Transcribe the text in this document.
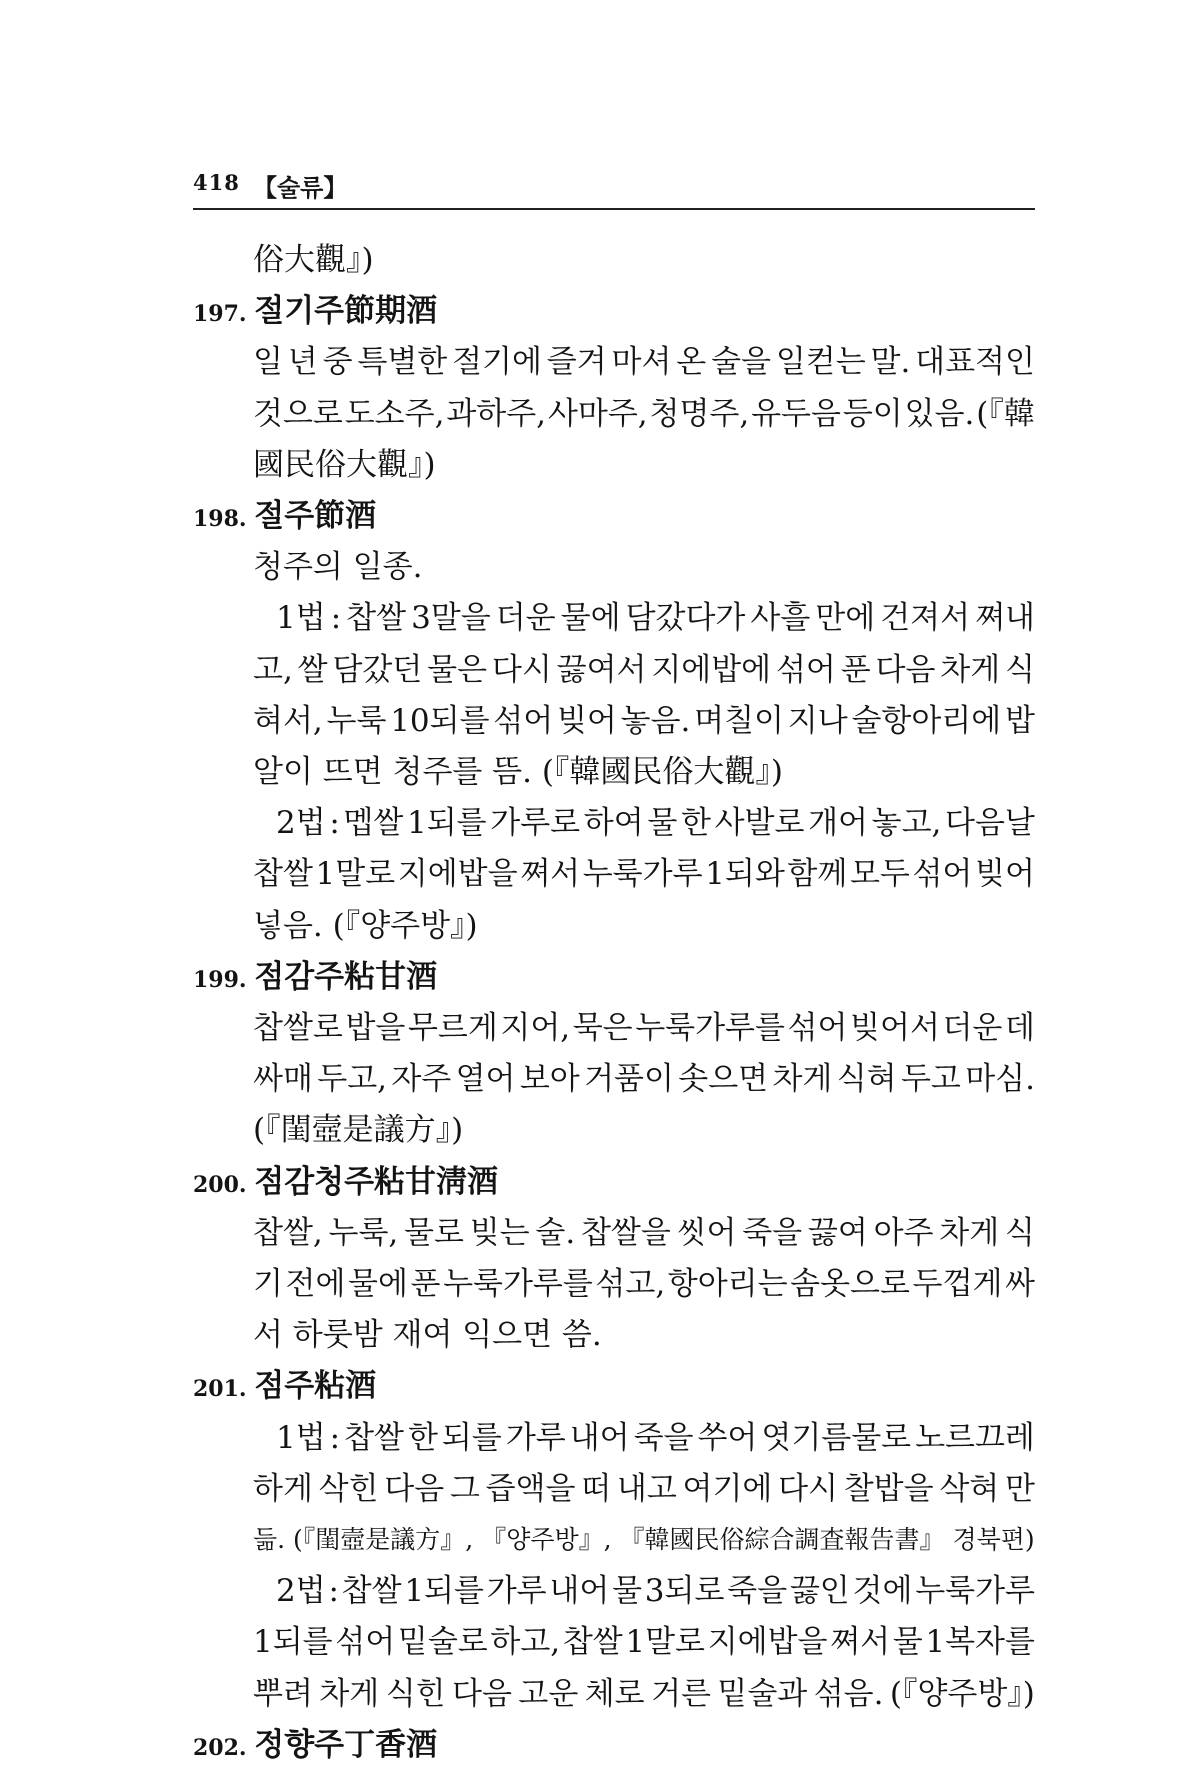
418 【술류】
俗大觀』)
197. 절기주節期酒
일 년 중 특별한 절기에 즐겨 마셔 온 술을 일컫는 말. 대표적인
것으로 도소주, 과하주, 사마주, 청명주, 유두음 등이 있음. (『韓
國民俗大觀』)
198. 절주節酒
청주의 일종.
1법 : 찹쌀 3말을 더운 물에 담갔다가 사흘 만에 건져서 쪄내
고, 쌀 담갔던 물은 다시 끓여서 지에밥에 섞어 푼 다음 차게 식
혀서, 누룩 10되를 섞어 빚어 놓음. 며칠이 지나 술항아리에 밥
알이 뜨면 청주를 뜸. (『韓國民俗大觀』)
2법 : 멥쌀 1되를 가루로 하여 물 한 사발로 개어 놓고, 다음날
찹쌀 1말로 지에밥을 쪄서 누룩가루 1되와 함께 모두 섞어 빚어
넣음. (『양주방』)
199. 점감주粘甘酒
찹쌀로 밥을 무르게 지어, 묵은 누룩가루를 섞어 빚어서 더운 데
싸매 두고, 자주 열어 보아 거품이 솟으면 차게 식혀 두고 마심.
(『閨壼是議方』)
200. 점감청주粘甘淸酒
찹쌀, 누룩, 물로 빚는 술. 찹쌀을 씻어 죽을 끓여 아주 차게 식
기 전에 물에 푼 누룩가루를 섞고, 항아리는 솜옷으로 두껍게 싸
서 하룻밤 재여 익으면 씀.
201. 점주粘酒
1법 : 찹쌀 한 되를 가루 내어 죽을 쑤어 엿기름물로 노르끄레
하게 삭힌 다음 그 즙액을 떠 내고 여기에 다시 찰밥을 삭혀 만
듦. (『閨壼是議方』, 『양주방』, 『韓國民俗綜合調査報告書』 경북편)
2법 : 찹쌀 1되를 가루 내어 물 3되로 죽을 끓인 것에 누룩가루
1되를 섞어 밑술로 하고, 찹쌀 1말로 지에밥을 쪄서 물 1복자를
뿌려 차게 식힌 다음 고운 체로 거른 밑술과 섞음. (『양주방』)
202. 정향주丁香酒
